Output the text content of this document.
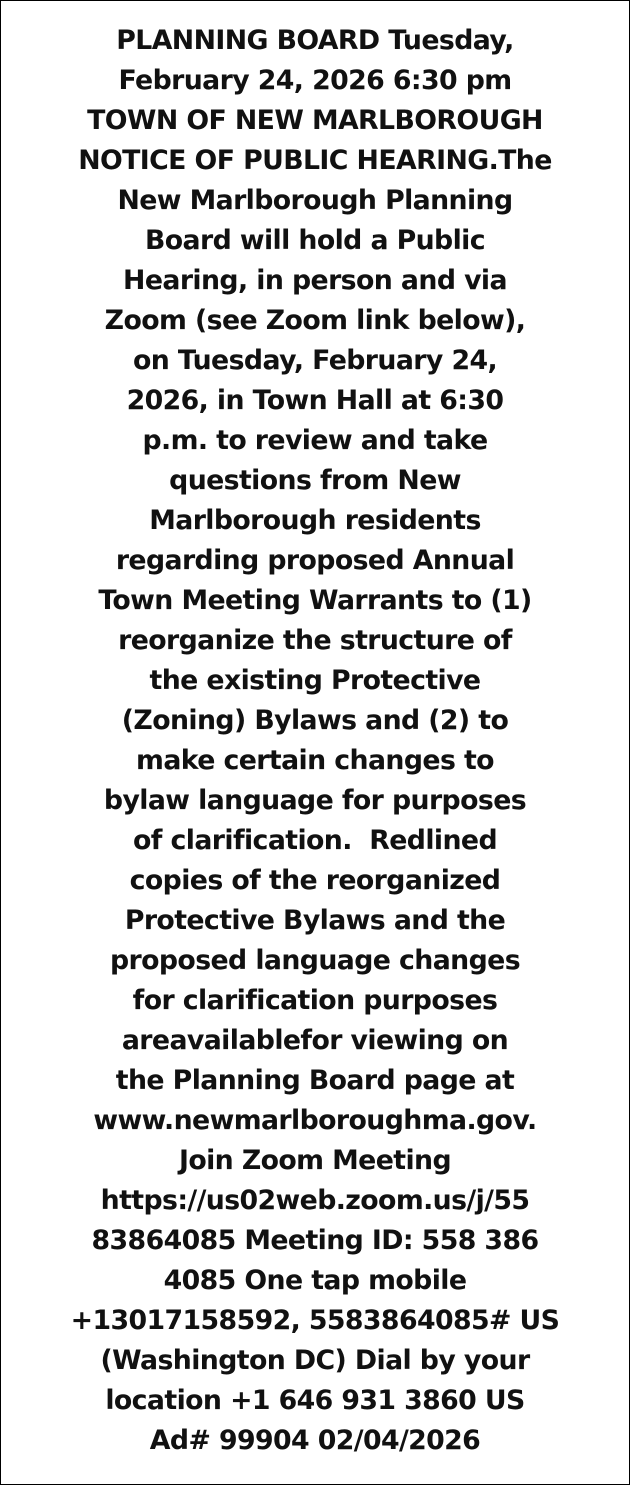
PLANNING BOARD Tuesday,
February 24, 2026 6:30 pm
TOWN OF NEW MARLBOROUGH
NOTICE OF PUBLIC HEARING.The
New Marlborough Planning
Board will hold a Public
Hearing, in person and via
Zoom (see Zoom link below),
on Tuesday, February 24,
2026, in Town Hall at 6:30
p.m. to review and take
questions from New
Marlborough residents
regarding proposed Annual
Town Meeting Warrants to (1)
reorganize the structure of
the existing Protective
(Zoning) Bylaws and (2) to
make certain changes to
bylaw language for purposes
of clarification.  Redlined
copies of the reorganized
Protective Bylaws and the
proposed language changes
for clarification purposes
areavailablefor viewing on
the Planning Board page at
www.newmarlboroughma.gov.
Join Zoom Meeting
https://us02web.zoom.us/j/55
83864085 Meeting ID: 558 386
4085 One tap mobile
+13017158592, 5583864085# US
(Washington DC) Dial by your
location +1 646 931 3860 US
Ad# 99904 02/04/2026
